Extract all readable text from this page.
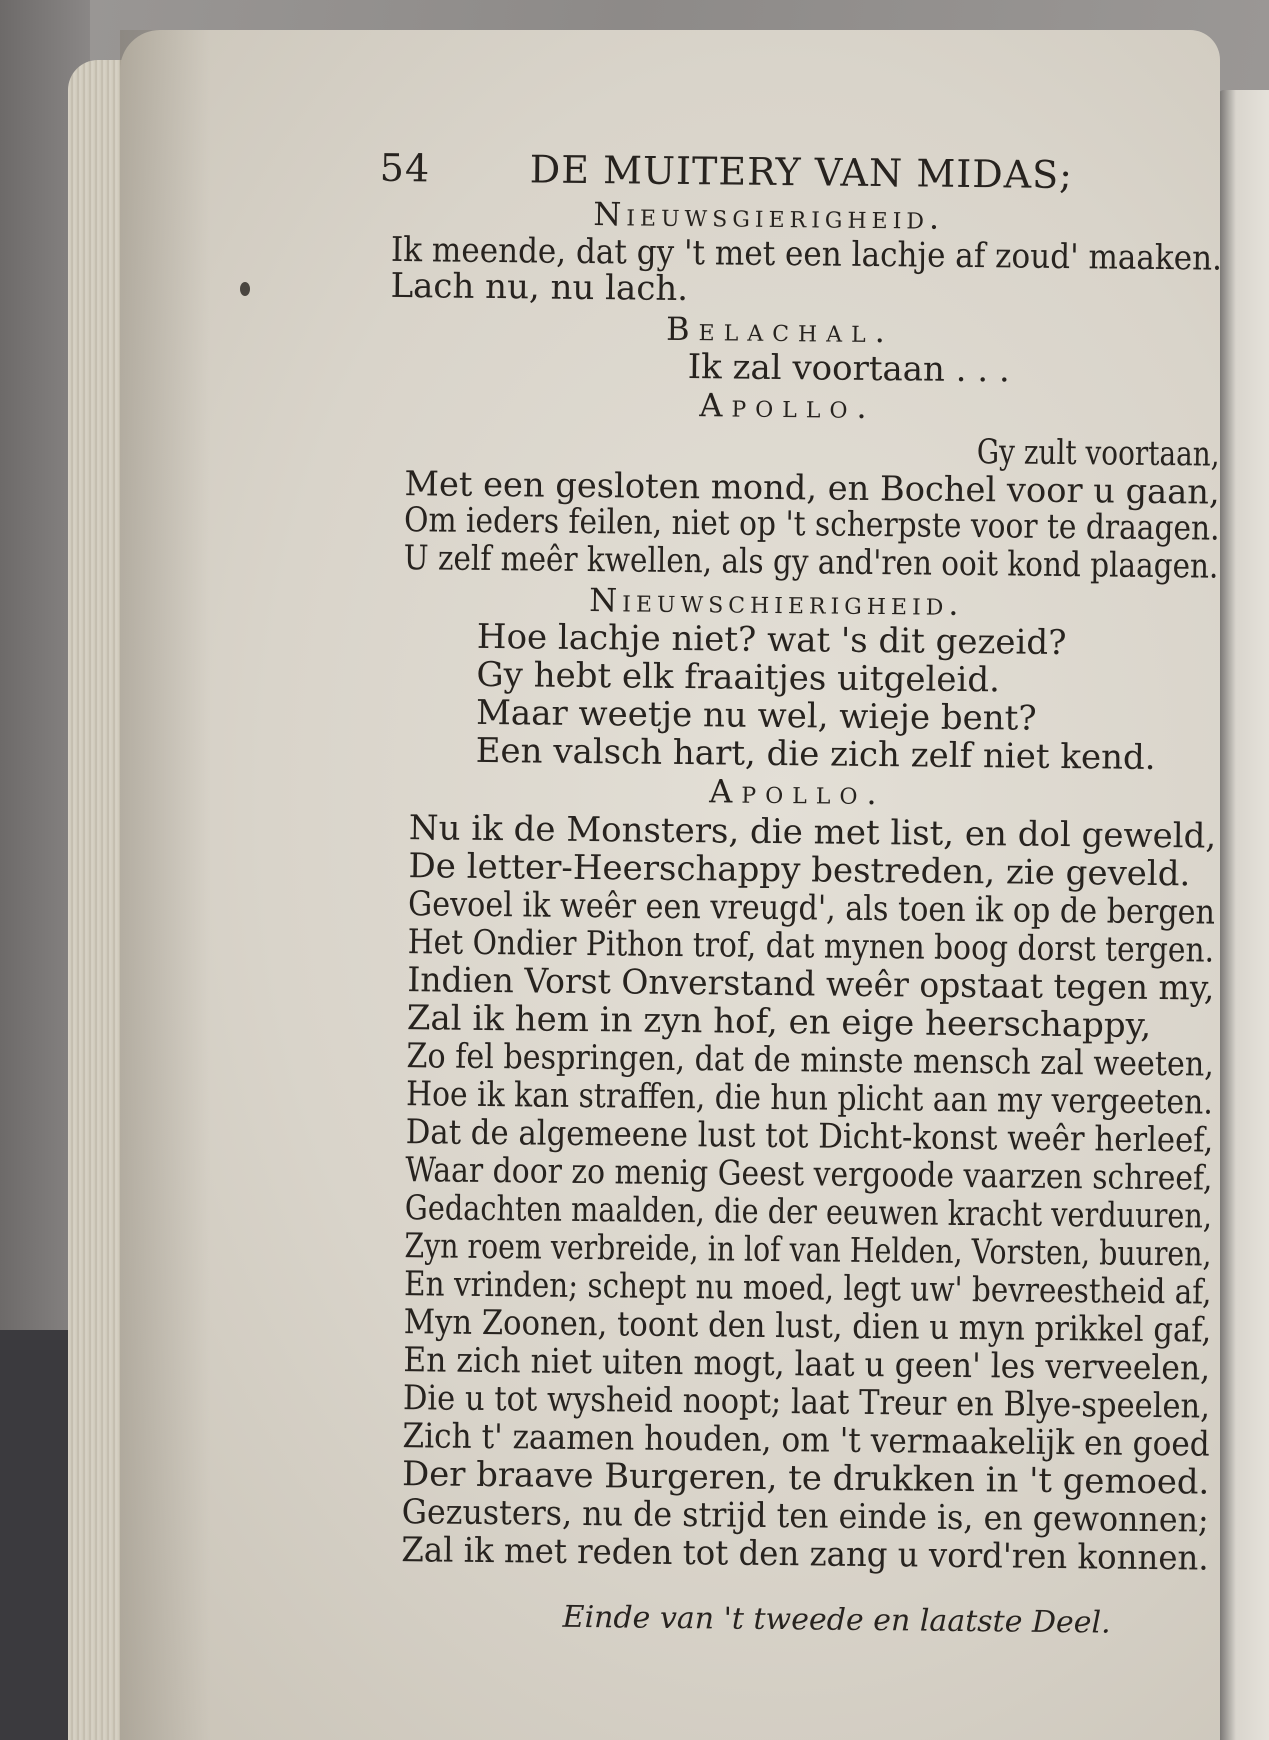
54	DE MUITERY VAN MIDAS;
Nieuwsgierigheid.
Ik meende, dat gy 't met een lachje af zoud' maaken.
Lach nu, nu lach.
Belachal.
Ik zal voortaan . . .
Apollo.
Gy zult voortaan,
Met een gesloten mond, en Bochel voor u gaan,
Om ieders feilen, niet op 't scherpste voor te draagen.
U zelf meêr kwellen, als gy and'ren ooit kond plaagen.
Nieuwschierigheid.
Hoe lachje niet? wat 's dit gezeid?
Gy hebt elk fraaitjes uitgeleid.
Maar weetje nu wel, wieje bent?
Een valsch hart, die zich zelf niet kend.
Apollo.
Nu ik de Monsters, die met list, en dol geweld,
De letter-Heerschappy bestreden, zie geveld.
Gevoel ik weêr een vreugd', als toen ik op de bergen
Het Ondier Pithon trof, dat mynen boog dorst tergen.
Indien Vorst Onverstand weêr opstaat tegen my,
Zal ik hem in zyn hof, en eige heerschappy,
Zo fel bespringen, dat de minste mensch zal weeten,
Hoe ik kan straffen, die hun plicht aan my vergeeten.
Dat de algemeene lust tot Dicht-konst weêr herleef,
Waar door zo menig Geest vergoode vaarzen schreef,
Gedachten maalden, die der eeuwen kracht verduuren,
Zyn roem verbreide, in lof van Helden, Vorsten, buuren,
En vrinden; schept nu moed, legt uw' bevreestheid af,
Myn Zoonen, toont den lust, dien u myn prikkel gaf,
En zich niet uiten mogt, laat u geen' les verveelen,
Die u tot wysheid noopt; laat Treur en Blye-speelen,
Zich t' zaamen houden, om 't vermaakelijk en goed
Der braave Burgeren, te drukken in 't gemoed.
Gezusters, nu de strijd ten einde is, en gewonnen;
Zal ik met reden tot den zang u vord'ren konnen.
Einde van 't tweede en laatste Deel.
